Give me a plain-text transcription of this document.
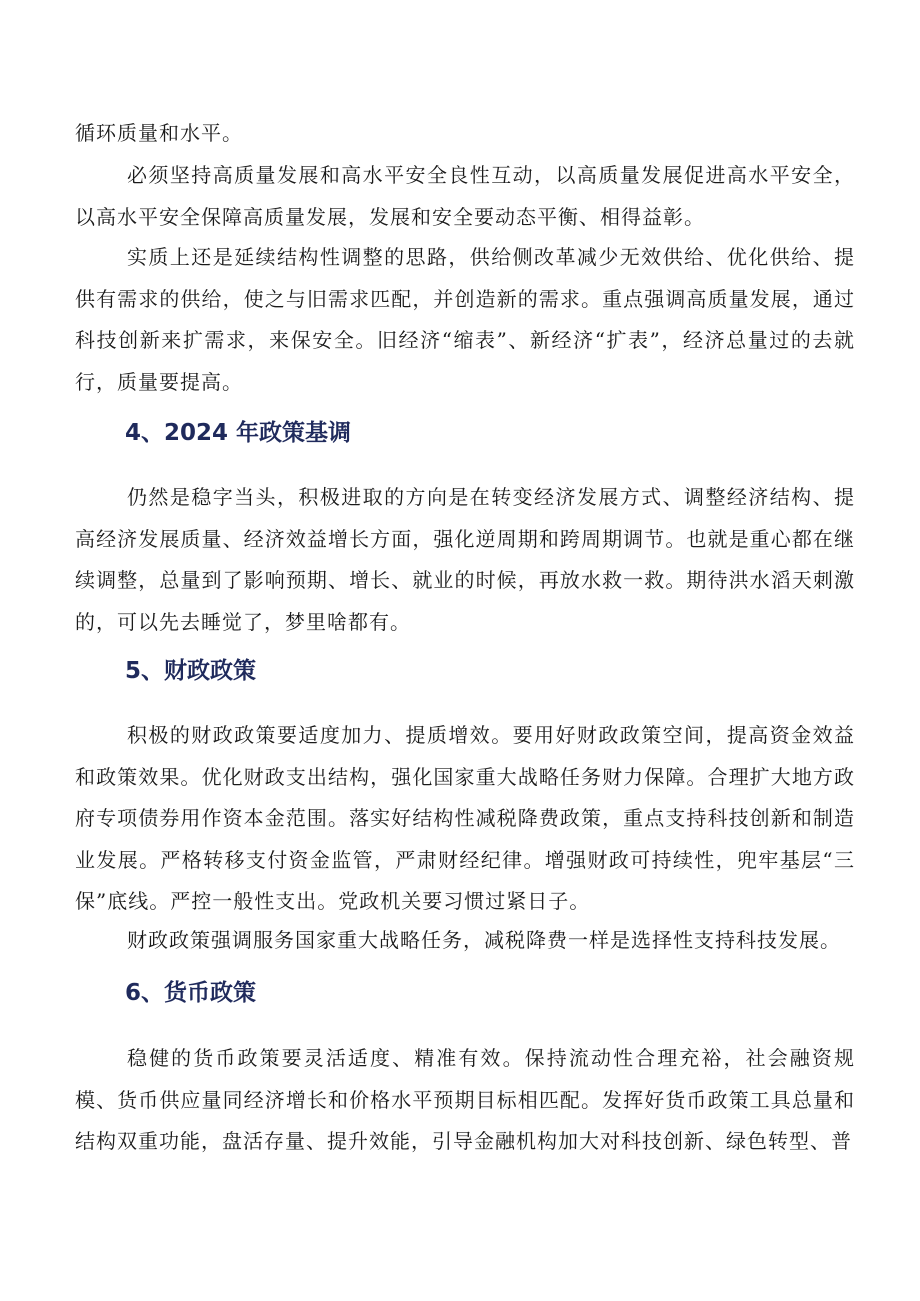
循环质量和水平。

必须坚持高质量发展和高水平安全良性互动，以高质量发展促进高水平安全，以高水平安全保障高质量发展，发展和安全要动态平衡、相得益彰。

实质上还是延续结构性调整的思路，供给侧改革减少无效供给、优化供给、提供有需求的供给，使之与旧需求匹配，并创造新的需求。重点强调高质量发展，通过科技创新来扩需求，来保安全。旧经济“缩表”、新经济“扩表”，经济总量过的去就行，质量要提高。

4、2024 年政策基调

仍然是稳字当头，积极进取的方向是在转变经济发展方式、调整经济结构、提高经济发展质量、经济效益增长方面，强化逆周期和跨周期调节。也就是重心都在继续调整，总量到了影响预期、增长、就业的时候，再放水救一救。期待洪水滔天刺激的，可以先去睡觉了，梦里啥都有。

5、财政政策

积极的财政政策要适度加力、提质增效。要用好财政政策空间，提高资金效益和政策效果。优化财政支出结构，强化国家重大战略任务财力保障。合理扩大地方政府专项债券用作资本金范围。落实好结构性减税降费政策，重点支持科技创新和制造业发展。严格转移支付资金监管，严肃财经纪律。增强财政可持续性，兜牢基层“三保”底线。严控一般性支出。党政机关要习惯过紧日子。

财政政策强调服务国家重大战略任务，减税降费一样是选择性支持科技发展。

6、货币政策

稳健的货币政策要灵活适度、精准有效。保持流动性合理充裕，社会融资规模、货币供应量同经济增长和价格水平预期目标相匹配。发挥好货币政策工具总量和结构双重功能，盘活存量、提升效能，引导金融机构加大对科技创新、绿色转型、普
